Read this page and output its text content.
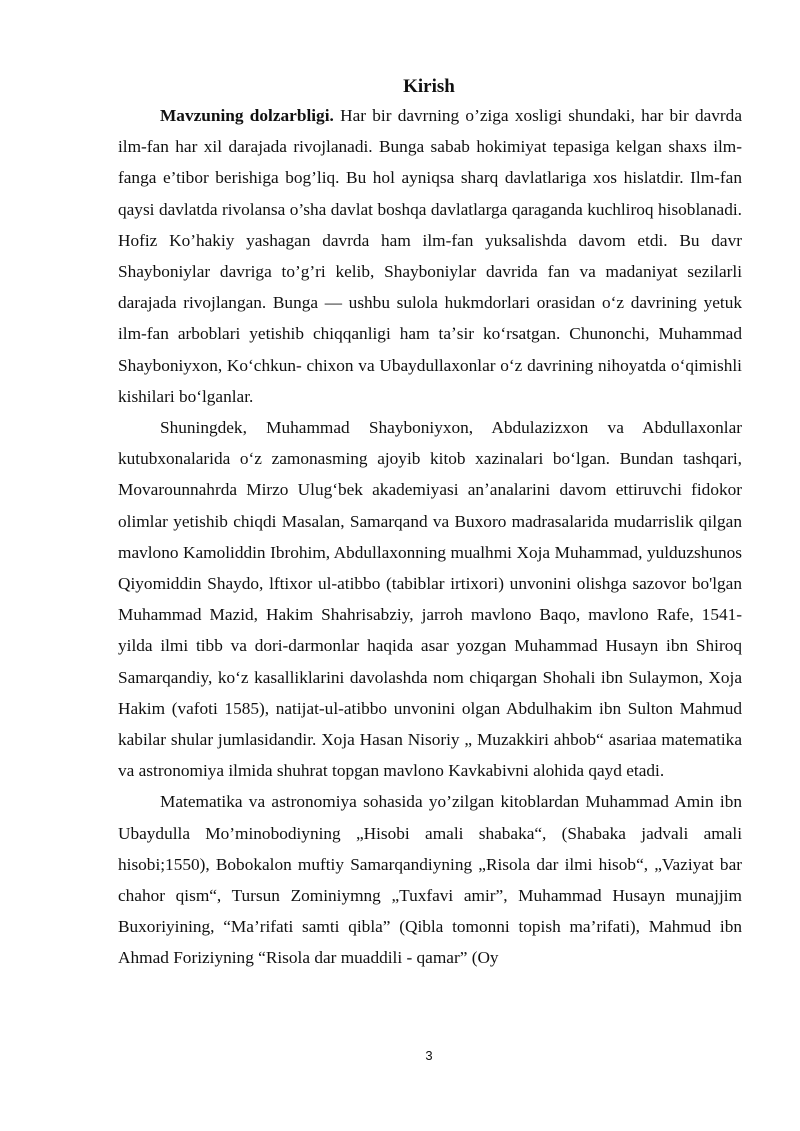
Kirish

Mavzuning dolzarbligi. Har bir davrning o’ziga xosligi shundaki, har bir davrda ilm-fan har xil darajada rivojlanadi. Bunga sabab hokimiyat tepasiga kelgan shaxs ilm-fanga e’tibor berishiga bog’liq. Bu hol ayniqsa sharq davlatlariga xos hislatdir. Ilm-fan qaysi davlatda rivolansa o’sha davlat boshqa davlatlarga qaraganda kuchliroq hisoblanadi. Hofiz Ko’hakiy yashagan davrda ham ilm-fan yuksalishda davom etdi. Bu davr Shayboniylar davriga to’g’ri kelib, Shayboniylar davrida fan va madaniyat sezilarli darajada rivojlangan. Bunga — ushbu sulola hukmdorlari orasidan oʻz davrining yetuk ilm-fan arboblari yetishib chiqqanligi ham taʼsir koʻrsatgan. Chunonchi, Muhammad Shayboniyxon, Koʻchkun- chixon va Ubaydullaxonlar oʻz davrining nihoyatda oʻqimishli kishilari boʻlganlar.

Shuningdek, Muhammad Shayboniyxon, Abdulazizxon va Abdullaxonlar kutubxonalarida oʻz zamonasming ajoyib kitob xazinalari boʻlgan. Bundan tashqari, Movarounnahrda Mirzo Ulugʻbek akademiyasi anʼanalarini davom ettiruvchi fidokor olimlar yetishib chiqdi Masalan, Samarqand va Buxoro madrasalarida mudarrislik qilgan mavlono Kamoliddin Ibrohim, Abdullaxonning mualhmi Xoja Muhammad, yulduzshunos Qiyomiddin Shaydo, lftixor ul-atibbo (tabiblar irtixori) unvonini olishga sazovor bo'lgan Muhammad Mazid, Hakim Shahrisabziy, jarroh mavlono Baqo, mavlono Rafe, 1541- yilda ilmi tibb va dori-darmonlar haqida asar yozgan Muhammad Husayn ibn Shiroq Samarqandiy, koʻz kasalliklarini davolashda nom chiqargan Shohali ibn Sulaymon, Xoja Hakim (vafoti 1585), natijat-ul-atibbo unvonini olgan Abdulhakim ibn Sulton Mahmud kabilar shular jumlasidandir. Xoja Hasan Nisoriy „ Muzakkiri ahbob“ asariaa matematika va astronomiya ilmida shuhrat topgan mavlono Kavkabivni alohida qayd etadi.

Matematika va astronomiya sohasida yo’zilgan kitoblardan Muhammad Amin ibn Ubaydulla Mo’minobodiyning „Hisobi amali shabaka“, (Shabaka jadvali amali hisobi;1550), Bobokalon muftiy Samarqandiyning „Risola dar ilmi hisob“, „Vaziyat bar chahor qism“, Tursun Zominiymng „Tuxfavi amir”, Muhammad Husayn munajjim Buxoriyining, “Ma’rifati samti qibla” (Qibla tomonni topish ma’rifati), Mahmud ibn Ahmad Foriziyning “Risola dar muaddili - qamar” (Oy

3
